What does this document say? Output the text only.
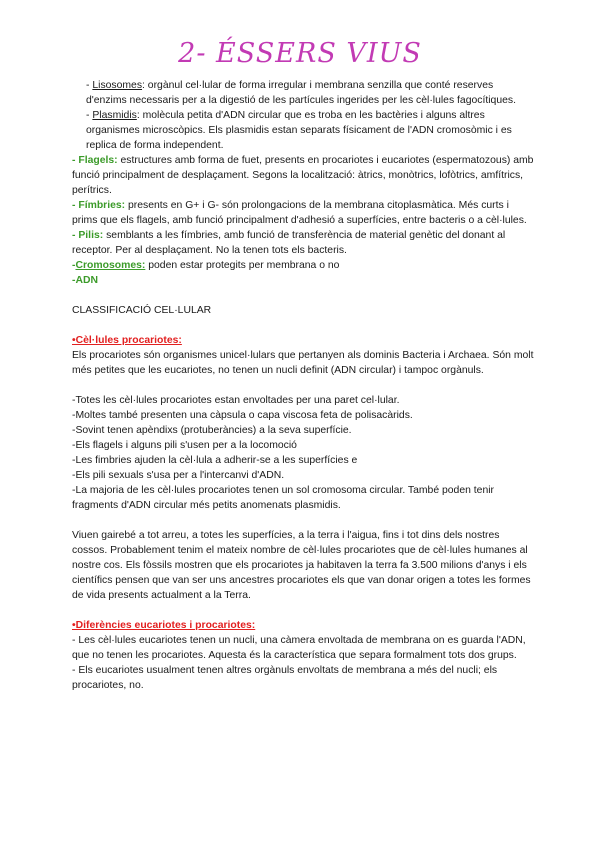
2- ÉSSERS VIUS

- Lisosomes: orgànul cel·lular de forma irregular i membrana senzilla que conté reserves d'enzims necessaris per a la digestió de les partícules ingerides per les cèl·lules fagocítiques.

- Plasmidis: molècula petita d'ADN circular que es troba en les bactèries i alguns altres organismes microscòpics. Els plasmidis estan separats físicament de l'ADN cromosòmic i es replica de forma independent.

- Flagels: estructures amb forma de fuet, presents en procariotes i eucariotes (espermatozous) amb funció principalment de desplaçament. Segons la localització: àtrics, monòtrics, lofòtrics, amfítrics, perítrics.

- Fímbries: presents en G+ i G- són prolongacions de la membrana citoplasmàtica. Més curts i prims que els flagels, amb funció principalment d'adhesió a superfícies, entre bacteris o a cèl·lules.

- Pilis: semblants a les fímbries, amb funció de transferència de material genètic del donant al receptor. Per al desplaçament. No la tenen tots els bacteris.

-Cromosomes: poden estar protegits per membrana o no

-ADN

CLASSIFICACIÓ CEL·LULAR

•Cèl·lules procariotes:

Els procariotes són organismes unicel·lulars que pertanyen als dominis Bacteria i Archaea. Són molt més petites que les eucariotes, no tenen un nucli definit (ADN circular) i tampoc orgànuls.

-Totes les cèl·lules procariotes estan envoltades per una paret cel·lular.

-Moltes també presenten una càpsula o capa viscosa feta de polisacàrids.

-Sovint tenen apèndixs (protuberàncies) a la seva superfície.

-Els flagels i alguns pili s'usen per a la locomoció

-Les fimbries ajuden la cèl·lula a adherir-se a les superfícies e

-Els pili sexuals s'usa per a l'intercanvi d'ADN.

-La majoria de les cèl·lules procariotes tenen un sol cromosoma circular. També poden tenir fragments d'ADN circular més petits anomenats plasmidis.

Viuen gairebé a tot arreu, a totes les superfícies, a la terra i l'aigua, fins i tot dins dels nostres cossos. Probablement tenim el mateix nombre de cèl·lules procariotes que de cèl·lules humanes al nostre cos. Els fòssils mostren que els procariotes ja habitaven la terra fa 3.500 milions d'anys i els científics pensen que van ser uns ancestres procariotes els que van donar origen a totes les formes de vida presents actualment a la Terra.

•Diferències eucariotes i procariotes:

- Les cèl·lules eucariotes tenen un nucli, una càmera envoltada de membrana on es guarda l'ADN, que no tenen les procariotes. Aquesta és la característica que separa formalment tots dos grups.

- Els eucariotes usualment tenen altres orgànuls envoltats de membrana a més del nucli; els procariotes, no.
